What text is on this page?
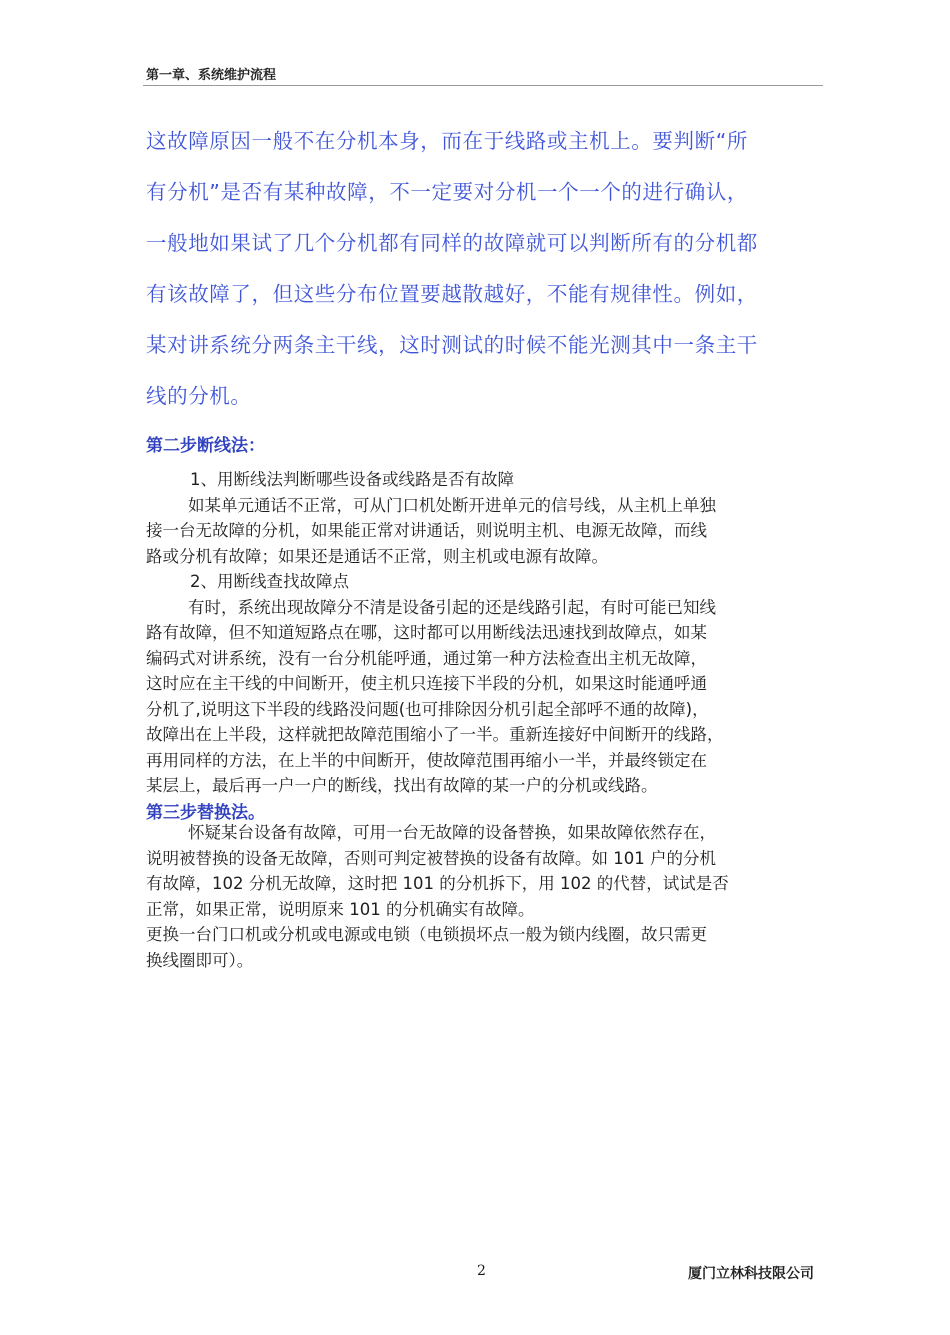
第一章、系统维护流程

这故障原因一般不在分机本身，而在于线路或主机上。要判断“所

有分机”是否有某种故障，不一定要对分机一个一个的进行确认，

一般地如果试了几个分机都有同样的故障就可以判断所有的分机都

有该故障了，但这些分布位置要越散越好，不能有规律性。例如，

某对讲系统分两条主干线，这时测试的时候不能光测其中一条主干

线的分机。

第二步断线法：

1、用断线法判断哪些设备或线路是否有故障

如某单元通话不正常，可从门口机处断开进单元的信号线，从主机上单独

接一台无故障的分机，如果能正常对讲通话，则说明主机、电源无故障，而线

路或分机有故障；如果还是通话不正常，则主机或电源有故障。

2、用断线查找故障点

有时，系统出现故障分不清是设备引起的还是线路引起，有时可能已知线

路有故障，但不知道短路点在哪，这时都可以用断线法迅速找到故障点，如某

编码式对讲系统，没有一台分机能呼通，通过第一种方法检查出主机无故障，

这时应在主干线的中间断开，使主机只连接下半段的分机，如果这时能通呼通

分机了,说明这下半段的线路没问题(也可排除因分机引起全部呼不通的故障)，

故障出在上半段，这样就把故障范围缩小了一半。重新连接好中间断开的线路，

再用同样的方法，在上半的中间断开，使故障范围再缩小一半，并最终锁定在

某层上，最后再一户一户的断线，找出有故障的某一户的分机或线路。

第三步替换法。

怀疑某台设备有故障，可用一台无故障的设备替换，如果故障依然存在，

说明被替换的设备无故障，否则可判定被替换的设备有故障。如 101 户的分机

有故障，102 分机无故障，这时把 101 的分机拆下，用 102 的代替，试试是否

正常，如果正常，说明原来 101 的分机确实有故障。

更换一台门口机或分机或电源或电锁（电锁损坏点一般为锁内线圈，故只需更

换线圈即可）。

2	厦门立林科技限公司
